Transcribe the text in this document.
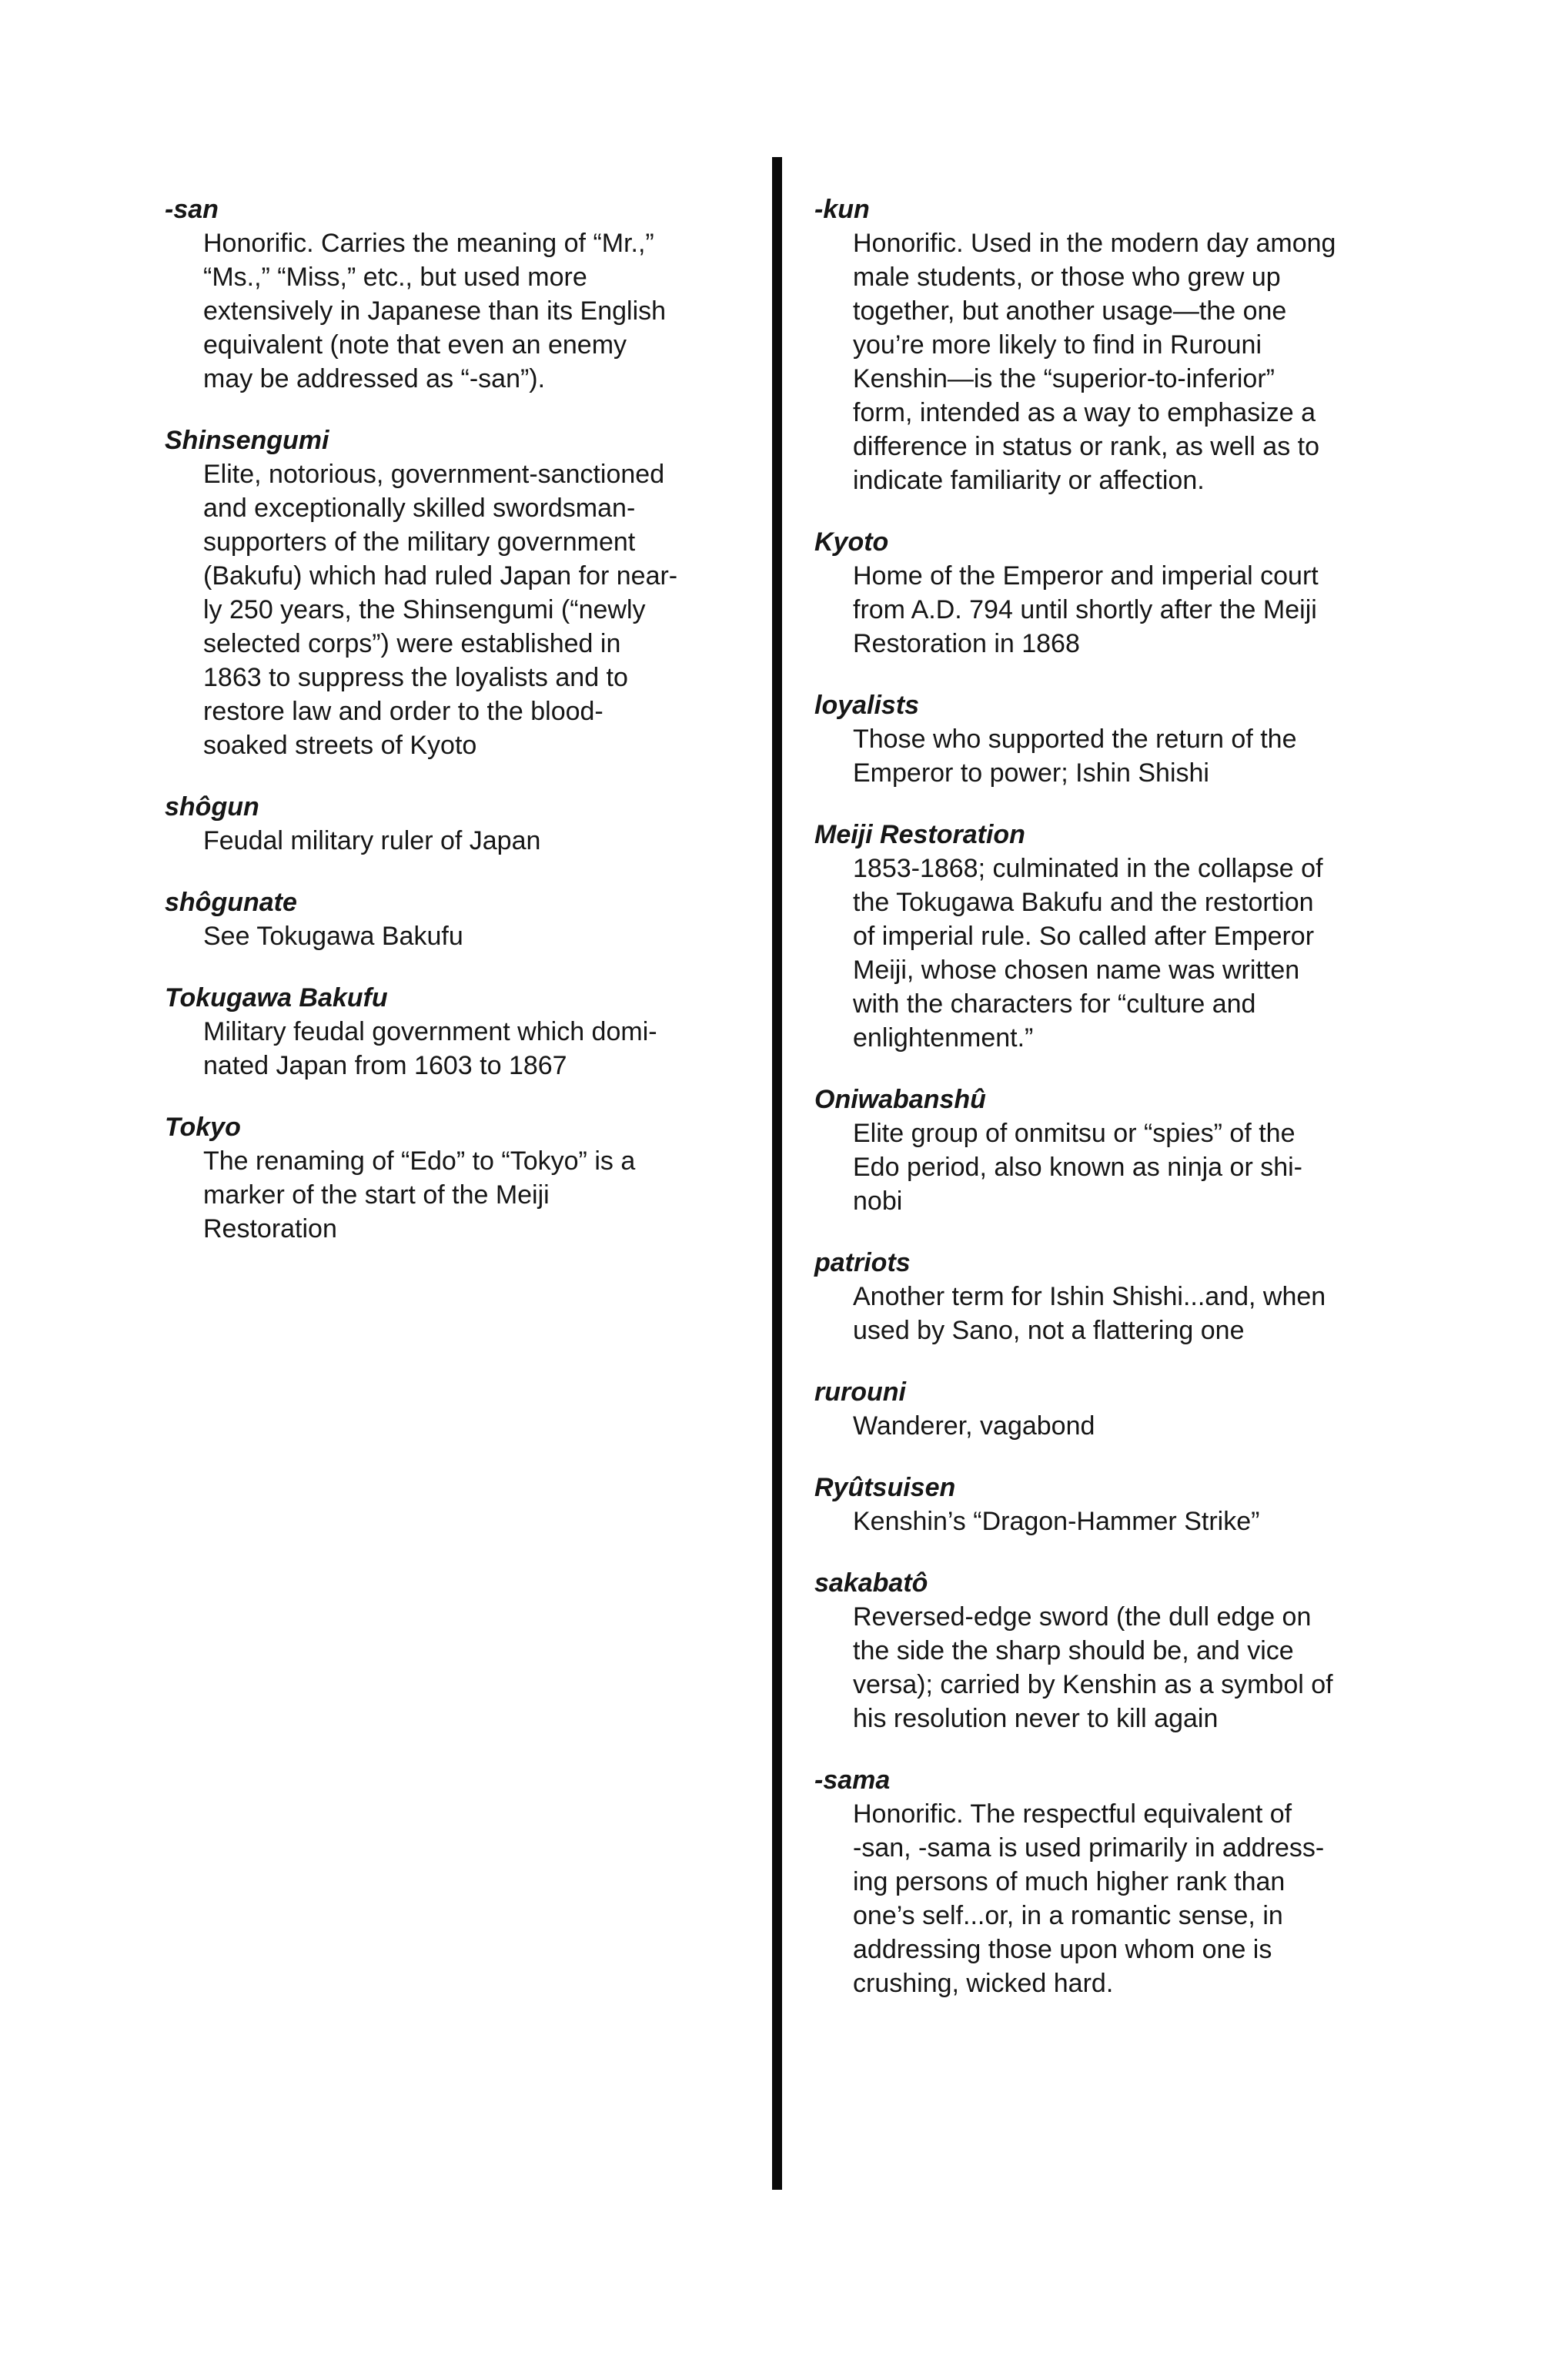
-san
Honorific. Carries the meaning of “Mr.,”
“Ms.,” “Miss,” etc., but used more
extensively in Japanese than its English
equivalent (note that even an enemy
may be addressed as “-san”).
Shinsengumi
Elite, notorious, government-sanctioned
and exceptionally skilled swordsman-
supporters of the military government
(Bakufu) which had ruled Japan for near-
ly 250 years, the Shinsengumi (“newly
selected corps”) were established in
1863 to suppress the loyalists and to
restore law and order to the blood-
soaked streets of Kyoto
shôgun
Feudal military ruler of Japan
shôgunate
See Tokugawa Bakufu
Tokugawa Bakufu
Military feudal government which domi-
nated Japan from 1603 to 1867
Tokyo
The renaming of “Edo” to “Tokyo” is a
marker of the start of the Meiji
Restoration
-kun
Honorific. Used in the modern day among
male students, or those who grew up
together, but another usage—the one
you’re more likely to find in Rurouni
Kenshin—is the “superior-to-inferior”
form, intended as a way to emphasize a
difference in status or rank, as well as to
indicate familiarity or affection.
Kyoto
Home of the Emperor and imperial court
from A.D. 794 until shortly after the Meiji
Restoration in 1868
loyalists
Those who supported the return of the
Emperor to power; Ishin Shishi
Meiji Restoration
1853-1868; culminated in the collapse of
the Tokugawa Bakufu and the restortion
of imperial rule. So called after Emperor
Meiji, whose chosen name was written
with the characters for “culture and
enlightenment.”
Oniwabanshû
Elite group of onmitsu or “spies” of the
Edo period, also known as ninja or shi-
nobi
patriots
Another term for Ishin Shishi...and, when
used by Sano, not a flattering one
rurouni
Wanderer, vagabond
Ryûtsuisen
Kenshin’s “Dragon-Hammer Strike”
sakabatô
Reversed-edge sword (the dull edge on
the side the sharp should be, and vice
versa); carried by Kenshin as a symbol of
his resolution never to kill again
-sama
Honorific. The respectful equivalent of
-san, -sama is used primarily in address-
ing persons of much higher rank than
one’s self...or, in a romantic sense, in
addressing those upon whom one is
crushing, wicked hard.
